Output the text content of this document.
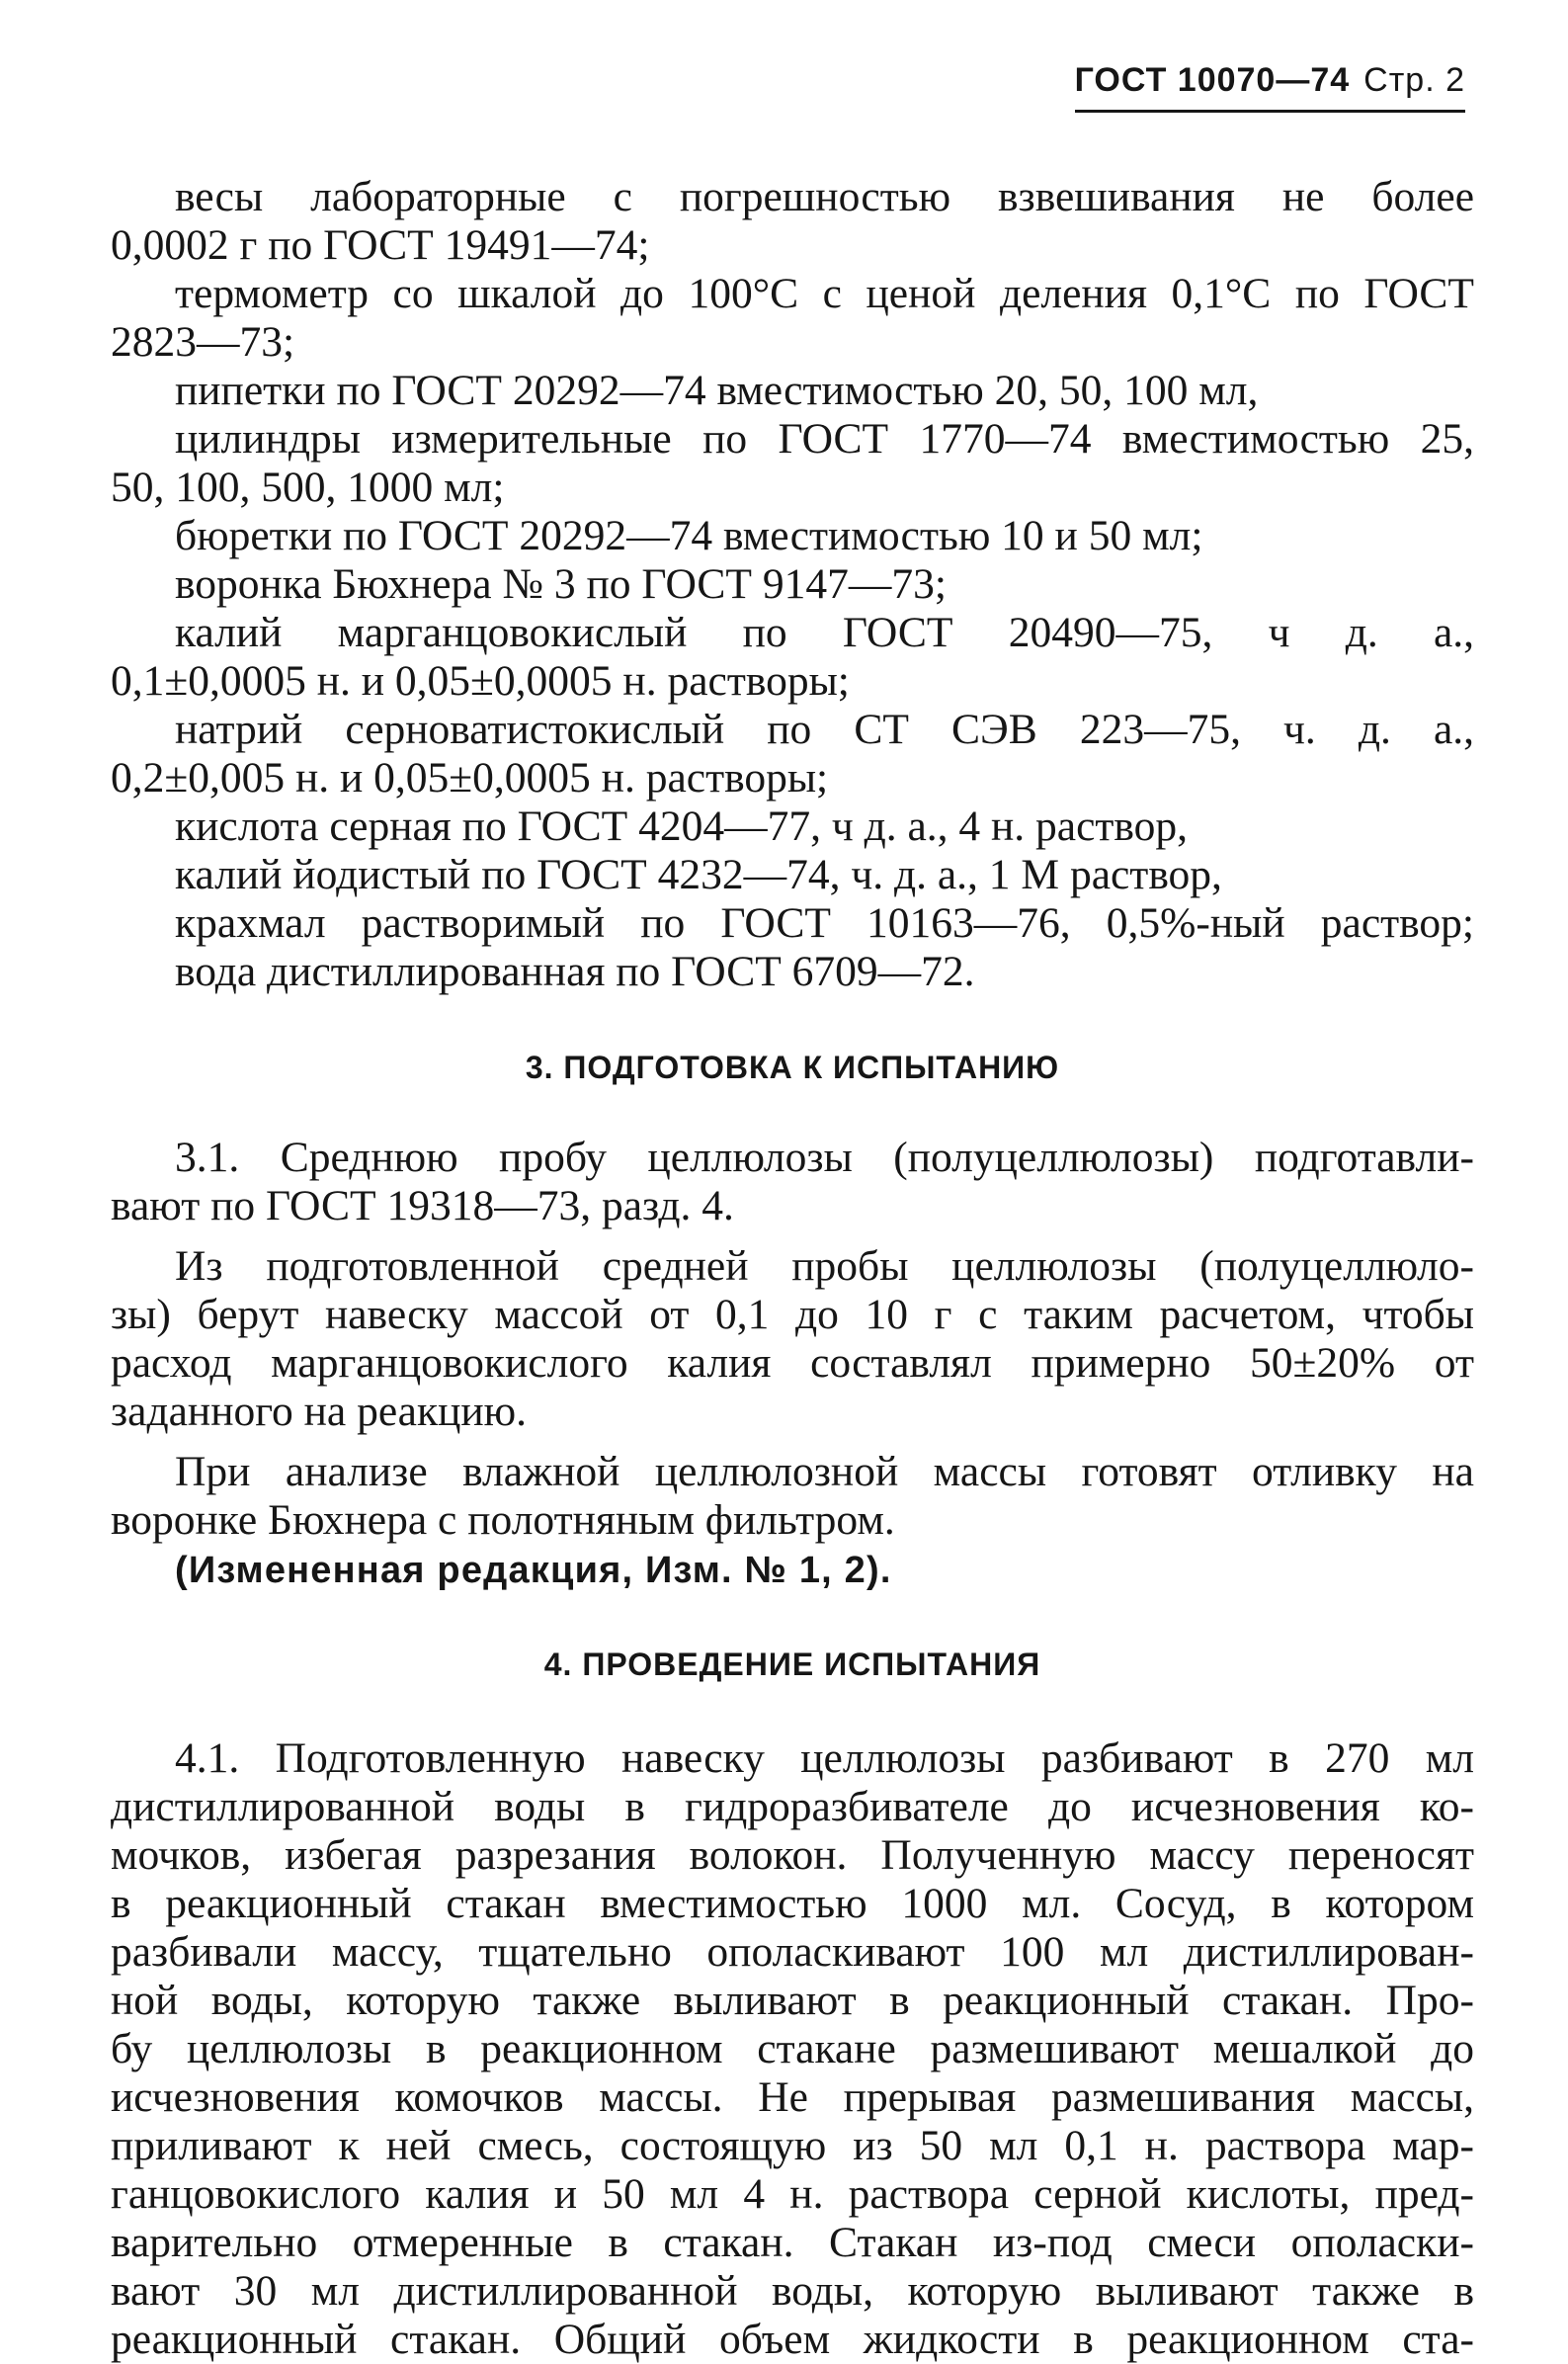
ГОСТ 10070—74 Стр. 2

весы лабораторные с погрешностью взвешивания не более

0,0002 г по ГОСТ 19491—74;

термометр со шкалой до 100°С с ценой деления 0,1°С по ГОСТ

2823—73;

пипетки по ГОСТ 20292—74 вместимостью 20, 50, 100 мл,

цилиндры измерительные по ГОСТ 1770—74 вместимостью 25,

50, 100, 500, 1000 мл;

бюретки по ГОСТ 20292—74 вместимостью 10 и 50 мл;

воронка Бюхнера № 3 по ГОСТ 9147—73;

калий марганцовокислый по ГОСТ 20490—75, ч д. а.,

0,1±0,0005 н. и 0,05±0,0005 н. растворы;

натрий серноватистокислый по СТ СЭВ 223—75, ч. д. а.,

0,2±0,005 н. и 0,05±0,0005 н. растворы;

кислота серная по ГОСТ 4204—77, ч д. а., 4 н. раствор,

калий йодистый по ГОСТ 4232—74, ч. д. а., 1 М раствор,

крахмал растворимый по ГОСТ 10163—76, 0,5%-ный раствор;

вода дистиллированная по ГОСТ 6709—72.

3. ПОДГОТОВКА К ИСПЫТАНИЮ

3.1. Среднюю пробу целлюлозы (полуцеллюлозы) подготавли-

вают по ГОСТ 19318—73, разд. 4.

Из подготовленной средней пробы целлюлозы (полуцеллюло-

зы) берут навеску массой от 0,1 до 10 г с таким расчетом, чтобы

расход марганцовокислого калия составлял примерно 50±20% от

заданного на реакцию.

При анализе влажной целлюлозной массы готовят отливку на

воронке Бюхнера с полотняным фильтром.

(Измененная редакция, Изм. № 1, 2).

4. ПРОВЕДЕНИЕ ИСПЫТАНИЯ

4.1. Подготовленную навеску целлюлозы разбивают в 270 мл

дистиллированной воды в гидроразбивателе до исчезновения ко-

мочков, избегая разрезания волокон. Полученную массу переносят

в реакционный стакан вместимостью 1000 мл. Сосуд, в котором

разбивали массу, тщательно ополаскивают 100 мл дистиллирован-

ной воды, которую также выливают в реакционный стакан. Про-

бу целлюлозы в реакционном стакане размешивают мешалкой до

исчезновения комочков массы. Не прерывая размешивания массы,

приливают к ней смесь, состоящую из 50 мл 0,1 н. раствора мар-

ганцовокислого калия и 50 мл 4 н. раствора серной кислоты, пред-

варительно отмеренные в стакан. Стакан из-под смеси ополаски-

вают 30 мл дистиллированной воды, которую выливают также в

реакционный стакан. Общий объем жидкости в реакционном ста-
